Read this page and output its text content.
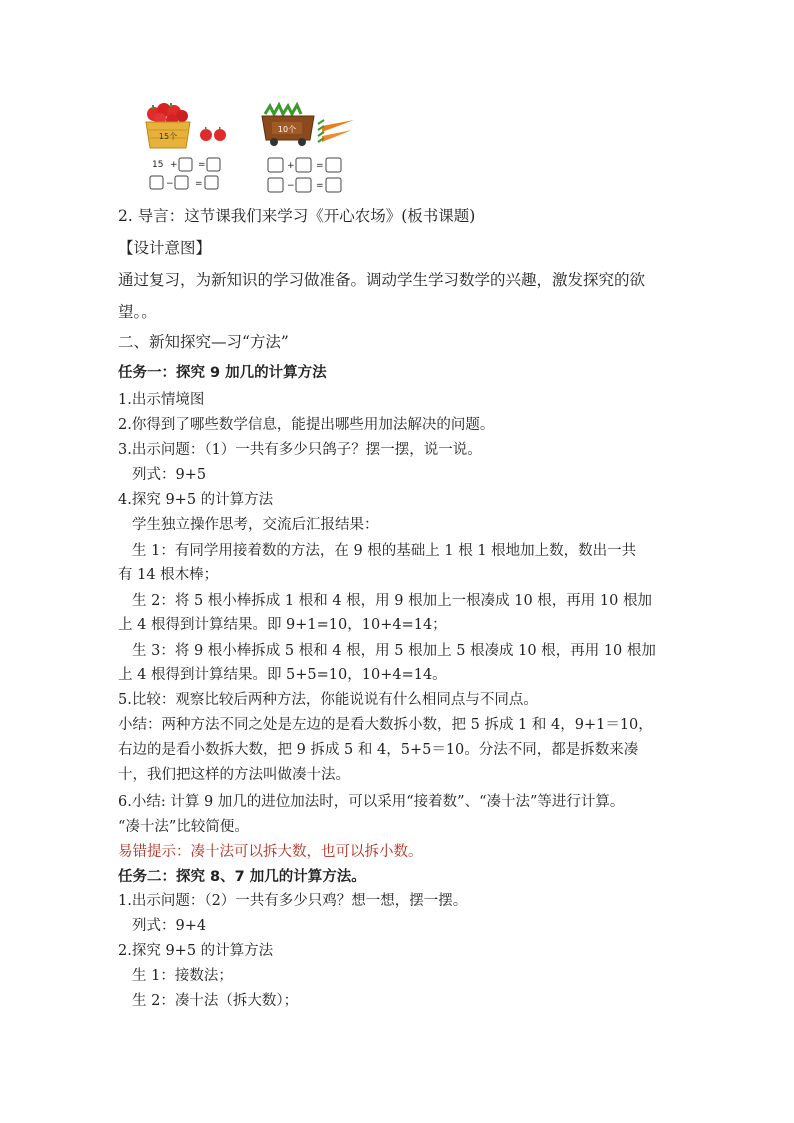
15个
10个
15 + =
− =
+ =
− =
2. 导言：这节课我们来学习《开心农场》(板书课题)
【设计意图】
通过复习，为新知识的学习做准备。调动学生学习数学的兴趣，激发探究的欲
望。。
二、新知探究—习“方法”
任务一：探究 9 加几的计算方法
1.出示情境图
2.你得到了哪些数学信息，能提出哪些用加法解决的问题。
3.出示问题：（1）一共有多少只鸽子？摆一摆，说一说。
列式：9+5
4.探究 9+5 的计算方法
学生独立操作思考，交流后汇报结果：
生 1：有同学用接着数的方法，在 9 根的基础上 1 根 1 根地加上数，数出一共
有 14 根木棒；
生 2：将 5 根小棒拆成 1 根和 4 根，用 9 根加上一根凑成 10 根，再用 10 根加
上 4 根得到计算结果。即 9+1=10，10+4=14；
生 3：将 9 根小棒拆成 5 根和 4 根，用 5 根加上 5 根凑成 10 根，再用 10 根加
上 4 根得到计算结果。即 5+5=10，10+4=14。
5.比较：观察比较后两种方法，你能说说有什么相同点与不同点。
小结：两种方法不同之处是左边的是看大数拆小数，把 5 拆成 1 和 4，9+1＝10，
右边的是看小数拆大数，把 9 拆成 5 和 4，5+5＝10。分法不同，都是拆数来凑
十，我们把这样的方法叫做凑十法。
6.小结: 计算 9 加几的进位加法时，可以采用“接着数”、“凑十法”等进行计算。
“凑十法”比较简便。
易错提示：凑十法可以拆大数，也可以拆小数。
任务二：探究 8、7 加几的计算方法。
1.出示问题：（2）一共有多少只鸡？想一想，摆一摆。
列式：9+4
2.探究 9+5 的计算方法
生 1：接数法；
生 2：凑十法（拆大数）；
